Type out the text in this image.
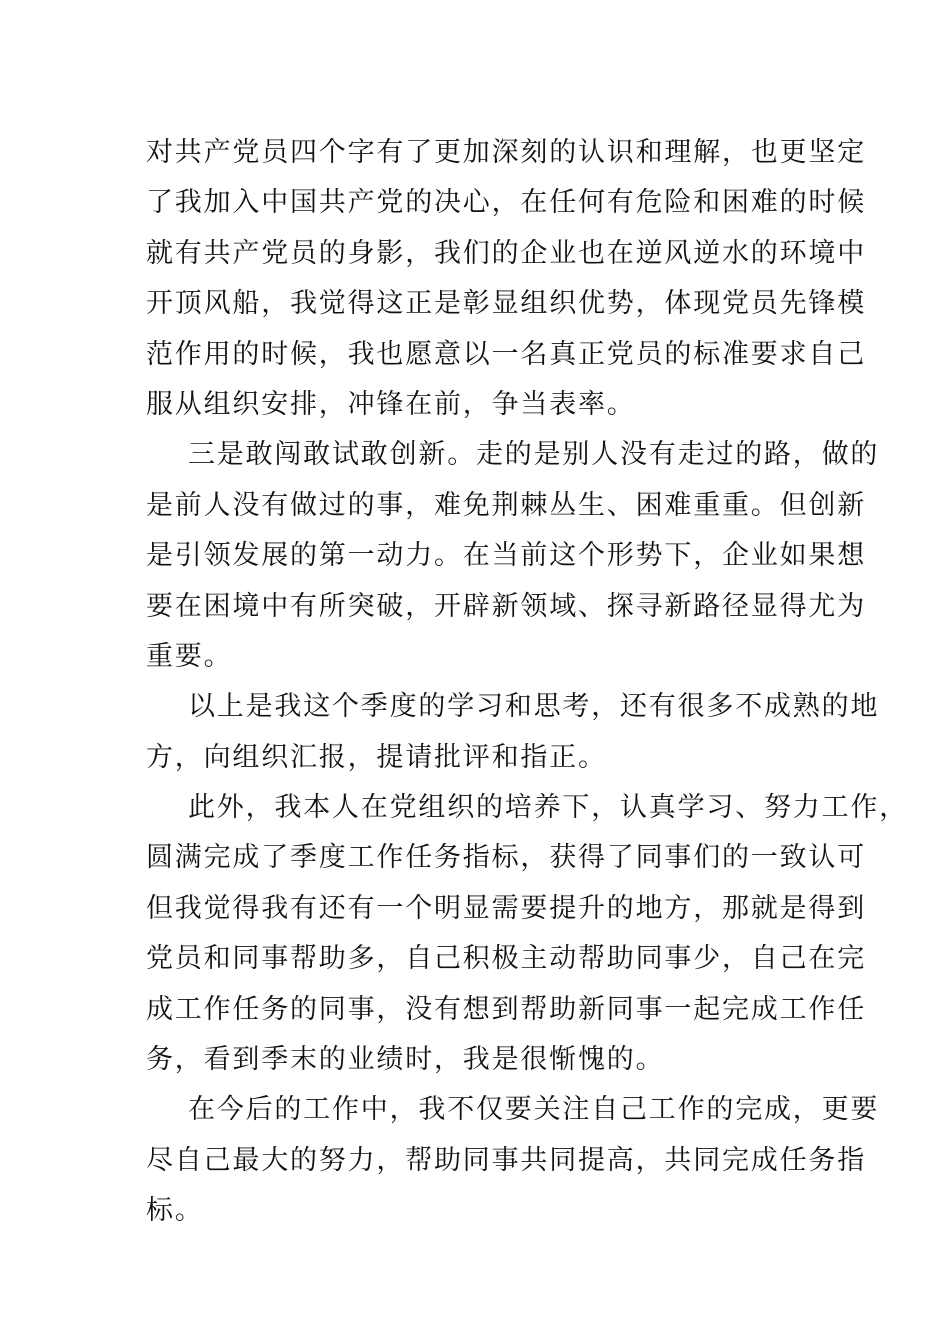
对共产党员四个字有了更加深刻的认识和理解，也更坚定
了我加入中国共产党的决心，在任何有危险和困难的时候
就有共产党员的身影，我们的企业也在逆风逆水的环境中
开顶风船，我觉得这正是彰显组织优势，体现党员先锋模
范作用的时候，我也愿意以一名真正党员的标准要求自己
服从组织安排，冲锋在前，争当表率。
三是敢闯敢试敢创新。走的是别人没有走过的路，做的
是前人没有做过的事，难免荆棘丛生、困难重重。但创新
是引领发展的第一动力。在当前这个形势下，企业如果想
要在困境中有所突破，开辟新领域、探寻新路径显得尤为
重要。
以上是我这个季度的学习和思考，还有很多不成熟的地
方，向组织汇报，提请批评和指正。
此外，我本人在党组织的培养下，认真学习、努力工作，
圆满完成了季度工作任务指标，获得了同事们的一致认可
但我觉得我有还有一个明显需要提升的地方，那就是得到
党员和同事帮助多，自己积极主动帮助同事少，自己在完
成工作任务的同事，没有想到帮助新同事一起完成工作任
务，看到季末的业绩时，我是很惭愧的。
在今后的工作中，我不仅要关注自己工作的完成，更要
尽自己最大的努力，帮助同事共同提高，共同完成任务指
标。
